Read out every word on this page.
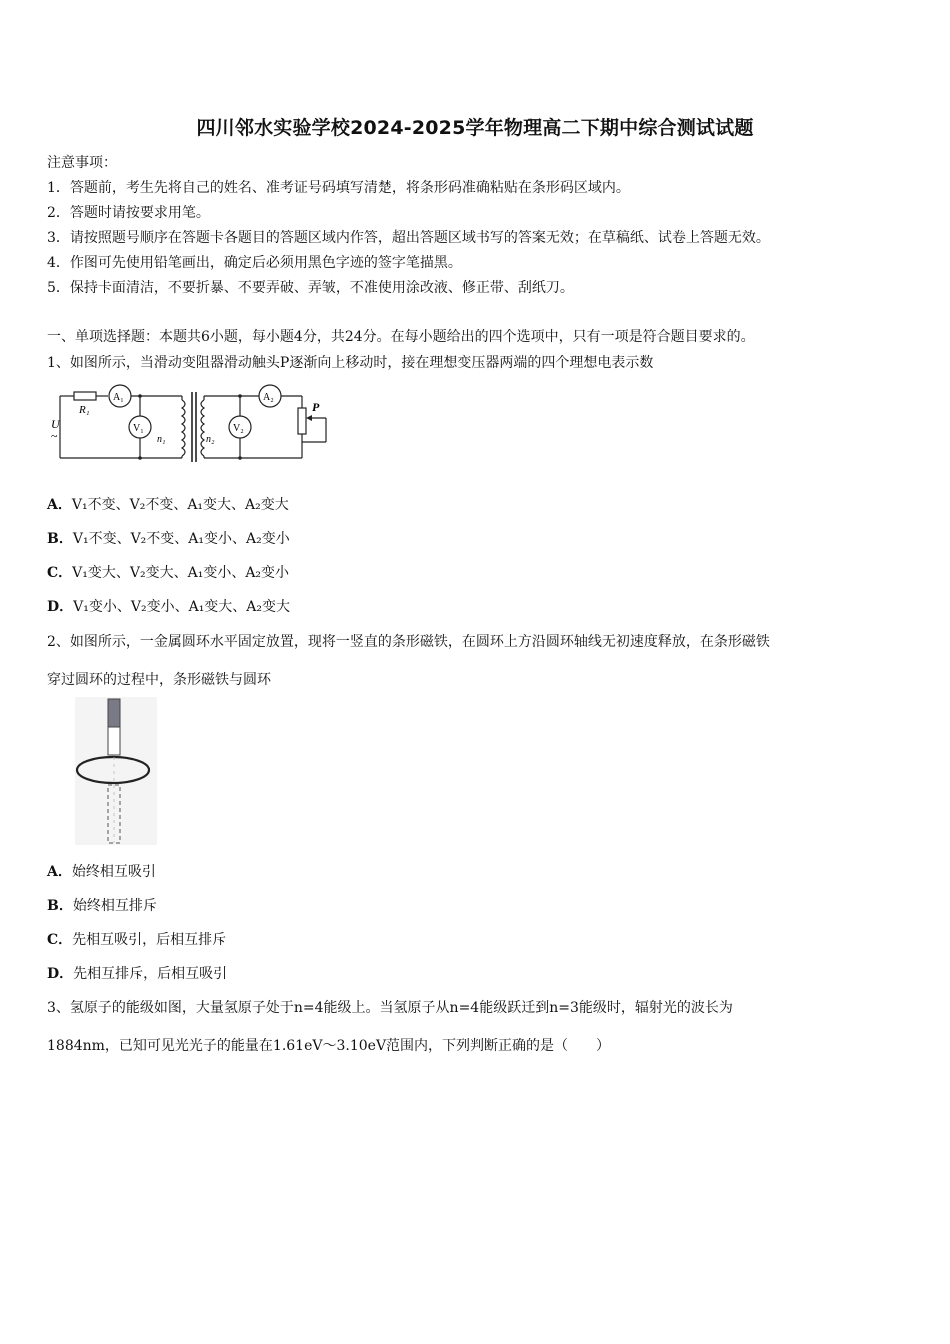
四川邻水实验学校2024-2025学年物理高二下期中综合测试试题
注意事项：
1．答题前，考生先将自己的姓名、准考证号码填写清楚，将条形码准确粘贴在条形码区域内。
2．答题时请按要求用笔。
3．请按照题号顺序在答题卡各题目的答题区域内作答，超出答题区域书写的答案无效；在草稿纸、试卷上答题无效。
4．作图可先使用铅笔画出，确定后必须用黑色字迹的签字笔描黑。
5．保持卡面清洁，不要折暴、不要弄破、弄皱，不准使用涂改液、修正带、刮纸刀。
一、单项选择题：本题共6小题，每小题4分，共24分。在每小题给出的四个选项中，只有一项是符合题目要求的。
1、如图所示，当滑动变阻器滑动触头P逐渐向上移动时，接在理想变压器两端的四个理想电表示数
R₁
A₁
V₁
n₁	n₂
A₂
V₂
P
U
~
A．V₁不变、V₂不变、A₁变大、A₂变大
B．V₁不变、V₂不变、A₁变小、A₂变小
C．V₁变大、V₂变大、A₁变小、A₂变小
D．V₁变小、V₂变小、A₁变大、A₂变大
2、如图所示，一金属圆环水平固定放置，现将一竖直的条形磁铁，在圆环上方沿圆环轴线无初速度释放，在条形磁铁
穿过圆环的过程中，条形磁铁与圆环
A．始终相互吸引
B．始终相互排斥
C．先相互吸引，后相互排斥
D．先相互排斥，后相互吸引
3、氢原子的能级如图，大量氢原子处于n=4能级上。当氢原子从n=4能级跃迁到n=3能级时，辐射光的波长为
1884nm，已知可见光光子的能量在1.61eV～3.10eV范围内，下列判断正确的是（　　）
